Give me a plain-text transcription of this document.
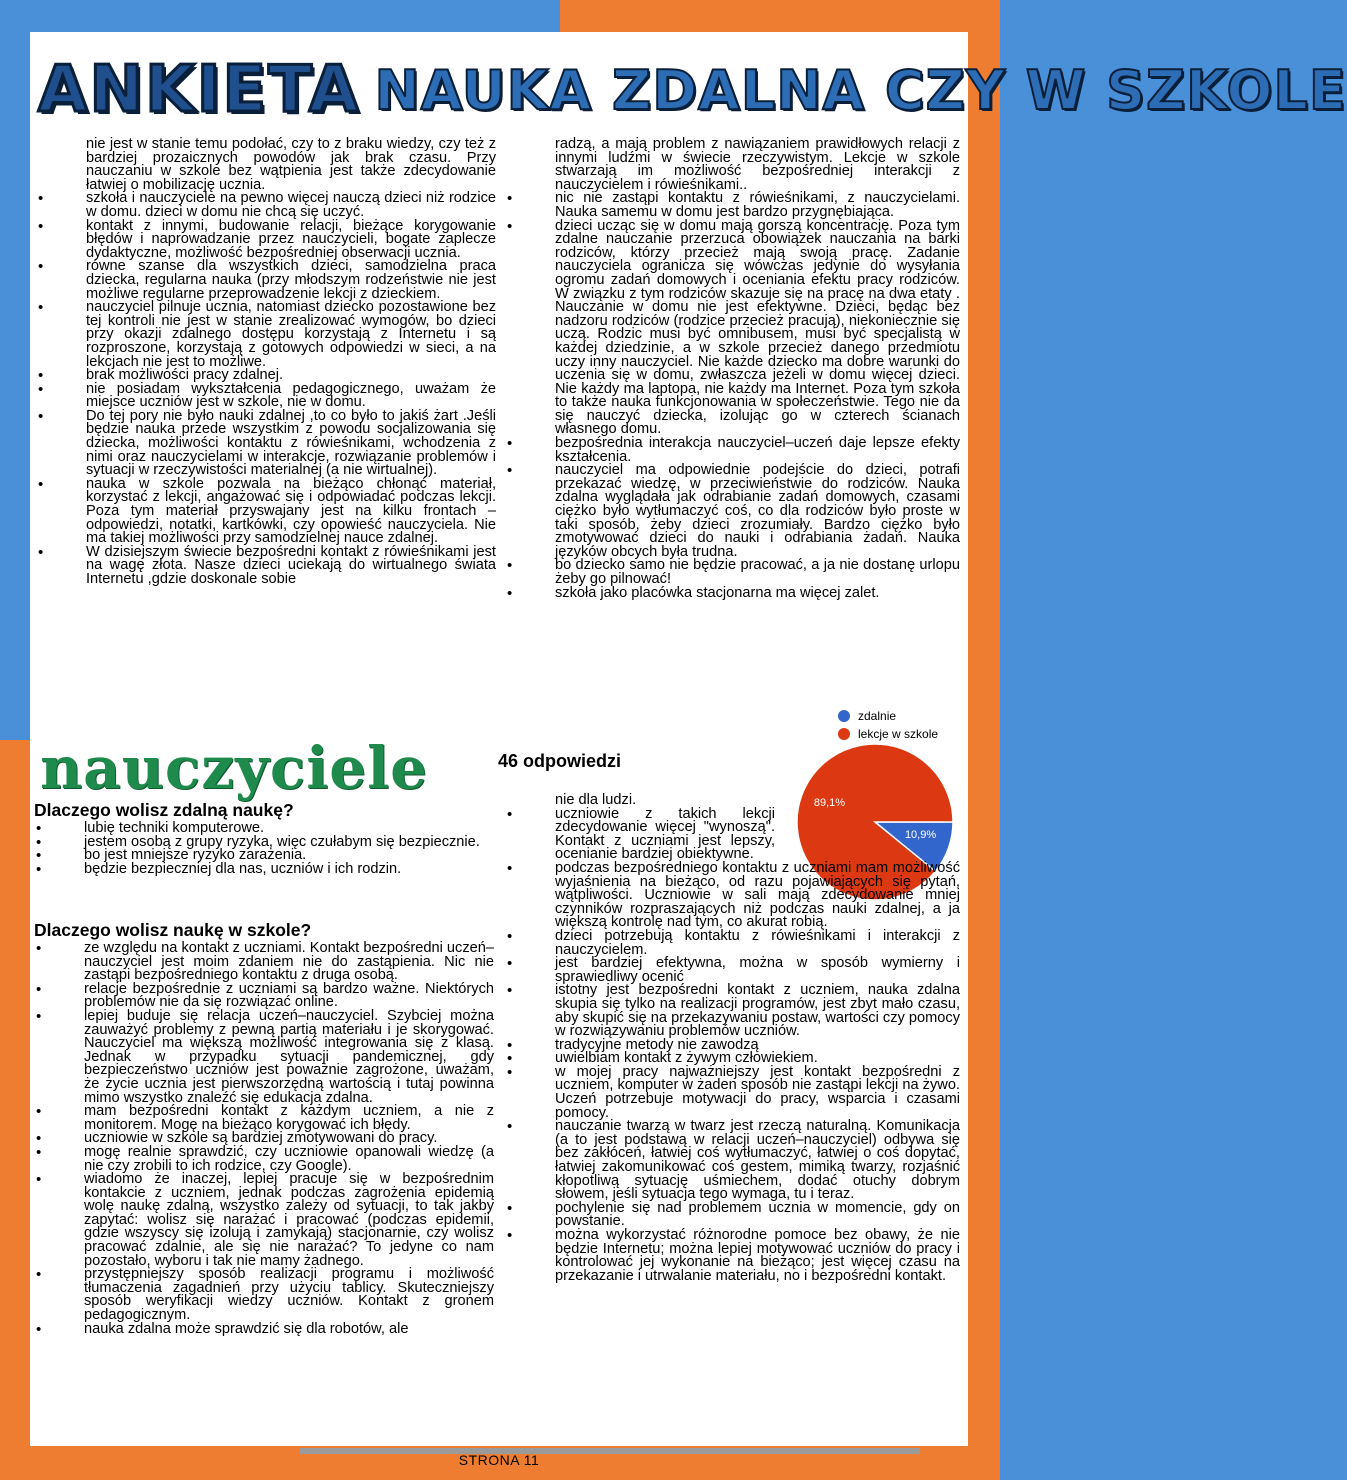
ANKIETA NAUKA ZDALNA CZY W SZKOLE

nie jest w stanie temu podołać, czy to z braku wiedzy, czy też z bardziej prozaicznych powodów jak brak czasu. Przy nauczaniu w szkole bez wątpienia jest także zdecydowanie łatwiej o mobilizację ucznia.

• szkoła i nauczyciele na pewno więcej nauczą dzieci niż rodzice w domu. dzieci w domu nie chcą się uczyć.
• kontakt z innymi, budowanie relacji, bieżące korygowanie błędów i naprowadzanie przez nauczycieli, bogate zaplecze dydaktyczne, możliwość bezpośredniej obserwacji ucznia.
• równe szanse dla wszystkich dzieci, samodzielna praca dziecka, regularna nauka (przy młodszym rodzeństwie nie jest możliwe regularne przeprowadzenie lekcji z dzieckiem.
• nauczyciel pilnuje ucznia, natomiast dziecko pozostawione bez tej kontroli nie jest w stanie zrealizować wymogów, bo dzieci przy okazji zdalnego dostępu korzystają z Internetu i są rozproszone, korzystają z gotowych odpowiedzi w sieci, a na lekcjach nie jest to możliwe.
• brak możliwości pracy zdalnej.
• nie posiadam wykształcenia pedagogicznego, uważam że miejsce uczniów jest w szkole, nie w domu.
• Do tej pory nie było nauki zdalnej ,to co było to jakiś żart .Jeśli będzie nauka przede wszystkim z powodu socjalizowania się dziecka, możliwości kontaktu z rówieśnikami, wchodzenia z nimi oraz nauczycielami w interakcje, rozwiązanie problemów i sytuacji w rzeczywistości materialnej (a nie wirtualnej).
• nauka w szkole pozwala na bieżąco chłonąć materiał, korzystać z lekcji, angażować się i odpowiadać podczas lekcji. Poza tym materiał przyswajany jest na kilku frontach – odpowiedzi, notatki, kartkówki, czy opowieść nauczyciela. Nie ma takiej możliwości przy samodzielnej nauce zdalnej.
• W dzisiejszym świecie bezpośredni kontakt z rówieśnikami jest na wagę złota. Nasze dzieci uciekają do wirtualnego świata Internetu ,gdzie doskonale sobie

radzą, a mają problem z nawiązaniem prawidłowych relacji z innymi ludźmi w świecie rzeczywistym. Lekcje w szkole stwarzają im możliwość bezpośredniej interakcji z nauczycielem i rówieśnikami..

• nic nie zastąpi kontaktu z rówieśnikami, z nauczycielami. Nauka samemu w domu jest bardzo przygnębiająca.
• dzieci ucząc się w domu mają gorszą koncentrację. Poza tym zdalne nauczanie przerzuca obowiązek nauczania na barki rodziców, którzy przecież mają swoją pracę. Zadanie nauczyciela ogranicza się wówczas jedynie do wysyłania ogromu zadań domowych i oceniania efektu pracy rodziców. W związku z tym rodziców skazuje się na pracę na dwa etaty . Nauczanie w domu nie jest efektywne. Dzieci, będąc bez nadzoru rodziców (rodzice przecież pracują), niekoniecznie się uczą. Rodzic musi być omnibusem, musi być specjalistą w każdej dziedzinie, a w szkole przecież danego przedmiotu uczy inny nauczyciel. Nie każde dziecko ma dobre warunki do uczenia się w domu, zwłaszcza jeżeli w domu więcej dzieci. Nie każdy ma laptopa, nie każdy ma Internet. Poza tym szkoła to także nauka funkcjonowania w społeczeństwie. Tego nie da się nauczyć dziecka, izolując go w czterech ścianach własnego domu.
• bezpośrednia interakcja nauczyciel–uczeń daje lepsze efekty kształcenia.
• nauczyciel ma odpowiednie podejście do dzieci, potrafi przekazać wiedzę, w przeciwieństwie do rodziców. Nauka zdalna wyglądała jak odrabianie zadań domowych, czasami ciężko było wytłumaczyć coś, co dla rodziców było proste w taki sposób, żeby dzieci zrozumiały. Bardzo ciężko było zmotywować dzieci do nauki i odrabiania żadań. Nauka języków obcych była trudna.
• bo dziecko samo nie będzie pracować, a ja nie dostanę urlopu żeby go pilnować!
• szkoła jako placówka stacjonarna ma więcej zalet.
nauczyciele	46 odpowiedzi
10,9%
89,1%
zdalnie
lekcje w szkole
Dlaczego wolisz zdalną naukę?
• lubię techniki komputerowe.
• jestem osobą z grupy ryzyka, więc czułabym się bezpiecznie.
• bo jest mniejsze ryzyko zarażenia.
• będzie bezpieczniej dla nas, uczniów i ich rodzin.
Dlaczego wolisz naukę w szkole?
• ze względu na kontakt z uczniami. Kontakt bezpośredni uczeń–nauczyciel jest moim zdaniem nie do zastąpienia. Nic nie zastąpi bezpośredniego kontaktu z druga osobą.
• relacje bezpośrednie z uczniami są bardzo ważne. Niektórych problemów nie da się rozwiązać online.
• lepiej buduje się relacja uczeń–nauczyciel. Szybciej można zauważyć problemy z pewną partią materiału i je skorygować. Nauczyciel ma większą możliwość integrowania się z klasą. Jednak w przypadku sytuacji pandemicznej, gdy bezpieczeństwo uczniów jest poważnie zagrożone, uważam, że życie ucznia jest pierwszorzędną wartością i tutaj powinna mimo wszystko znaleźć się edukacja zdalna.
• mam bezpośredni kontakt z każdym uczniem, a nie z monitorem. Mogę na bieżąco korygować ich błędy.
• uczniowie w szkole są bardziej zmotywowani do pracy.
• mogę realnie sprawdzić, czy uczniowie opanowali wiedzę (a nie czy zrobili to ich rodzice, czy Google).
• wiadomo że inaczej, lepiej pracuje się w bezpośrednim kontakcie z uczniem, jednak podczas zagrożenia epidemią wolę naukę zdalną, wszystko zależy od sytuacji, to tak jakby zapytać: wolisz się narażać i pracować (podczas epidemii, gdzie wszyscy się izolują i zamykają) stacjonarnie, czy wolisz pracować zdalnie, ale się nie narażać? To jedyne co nam pozostało, wyboru i tak nie mamy żadnego.
• przystępniejszy sposób realizacji programu i możliwość tłumaczenia zagadnień przy użyciu tablicy. Skuteczniejszy sposób weryfikacji wiedzy uczniów. Kontakt z gronem pedagogicznym.
• nauka zdalna może sprawdzić się dla robotów, ale

nie dla ludzi.

• uczniowie z takich lekcji zdecydowanie więcej "wynoszą". Kontakt z uczniami jest lepszy, ocenianie bardziej obiektywne.
• podczas bezpośredniego kontaktu z uczniami mam możliwość wyjaśnienia na bieżąco, od razu pojawiających się pytań, wątpliwości. Uczniowie w sali mają zdecydowanie mniej czynników rozpraszających niż podczas nauki zdalnej, a ja większą kontrolę nad tym, co akurat robią.
• dzieci potrzebują kontaktu z rówieśnikami i interakcji z nauczycielem.
• jest bardziej efektywna, można w sposób wymierny i sprawiedliwy ocenić
• istotny jest bezpośredni kontakt z uczniem, nauka zdalna skupia się tylko na realizacji programów, jest zbyt mało czasu, aby skupić się na przekazywaniu postaw, wartości czy pomocy w rozwiązywaniu problemów uczniów.
• tradycyjne metody nie zawodzą
• uwielbiam kontakt z żywym człowiekiem.
• w mojej pracy najważniejszy jest kontakt bezpośredni z uczniem, komputer w żaden sposób nie zastąpi lekcji na żywo. Uczeń potrzebuje motywacji do pracy, wsparcia i czasami pomocy.
• nauczanie twarzą w twarz jest rzeczą naturalną. Komunikacja (a to jest podstawą w relacji uczeń–nauczyciel) odbywa się bez zakłóceń, łatwiej coś wytłumaczyć, łatwiej o coś dopytać, łatwiej zakomunikować coś gestem, mimiką twarzy, rozjaśnić kłopotliwą sytuację uśmiechem, dodać otuchy dobrym słowem, jeśli sytuacja tego wymaga, tu i teraz.
• pochylenie się nad problemem ucznia w momencie, gdy on powstanie.
• można wykorzystać różnorodne pomoce bez obawy, że nie będzie Internetu; można lepiej motywować uczniów do pracy i kontrolować jej wykonanie na bieżąco; jest więcej czasu na przekazanie i utrwalanie materiału, no i bezpośredni kontakt.
STRONA 11
